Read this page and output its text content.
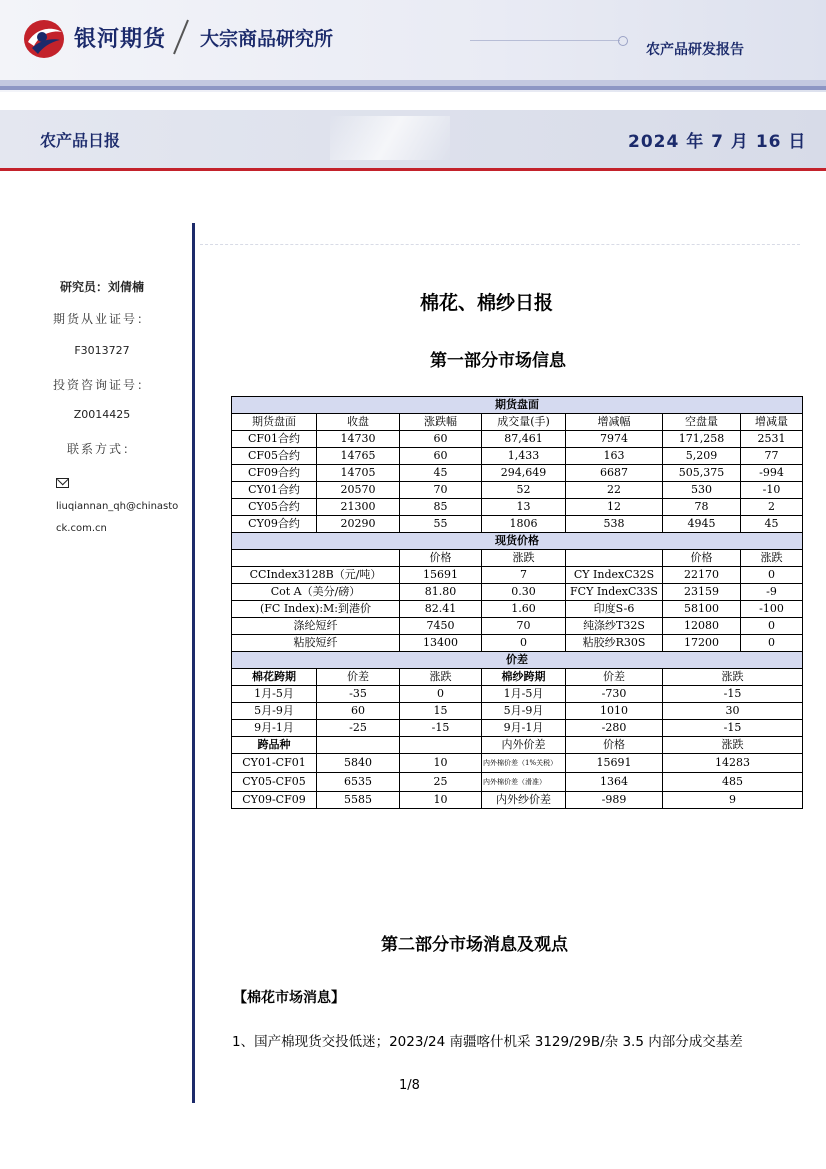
银河期货 大宗商品研究所	农产品研发报告
农产品日报	2024 年 7 月 16 日
研究员：刘倩楠
期货从业证号：
F3013727
投资咨询证号：
Z0014425
联系方式：
liuqiannan_qh@chinasto
ck.com.cn
棉花、棉纱日报
第一部分市场信息
期货盘面						
期货盘面	收盘	涨跌幅	成交量(手)	增减幅	空盘量	增减量
CF01合约	14730	60	87,461	7974	171,258	2531
CF05合约	14765	60	1,433	163	5,209	77
CF09合约	14705	45	294,649	6687	505,375	-994
CY01合约	20570	70	52	22	530	-10
CY05合约	21300	85	13	12	78	2
CY09合约	20290	55	1806	538	4945	45
现货价格						
		价格	涨跌		价格	涨跌
CCIndex3128B（元/吨）		15691	7	CY IndexC32S	22170	0
Cot A（美分/磅）		81.80	0.30	FCY IndexC33S	23159	-9
(FC Index):M:到港价		82.41	1.60	印度S-6	58100	-100
涤纶短纤		7450	70	纯涤纱T32S	12080	0
粘胶短纤		13400	0	粘胶纱R30S	17200	0
价差						
棉花跨期	价差	涨跌	棉纱跨期	价差	涨跌	
1月-5月	-35	0	1月-5月	-730	-15	
5月-9月	60	15	5月-9月	1010	30	
9月-1月	-25	-15	9月-1月	-280	-15	
跨品种			内外价差	价格	涨跌	
CY01-CF01	5840	10	内外棉价差（1%关税）	15691	14283	
CY05-CF05	6535	25	内外棉价差（滑准）	1364	485	
CY09-CF09	5585	10	内外纱价差	-989	9	
第二部分市场消息及观点
【棉花市场消息】
1、国产棉现货交投低迷；2023/24 南疆喀什机采 3129/29B/杂 3.5 内部分成交基差
1/8
